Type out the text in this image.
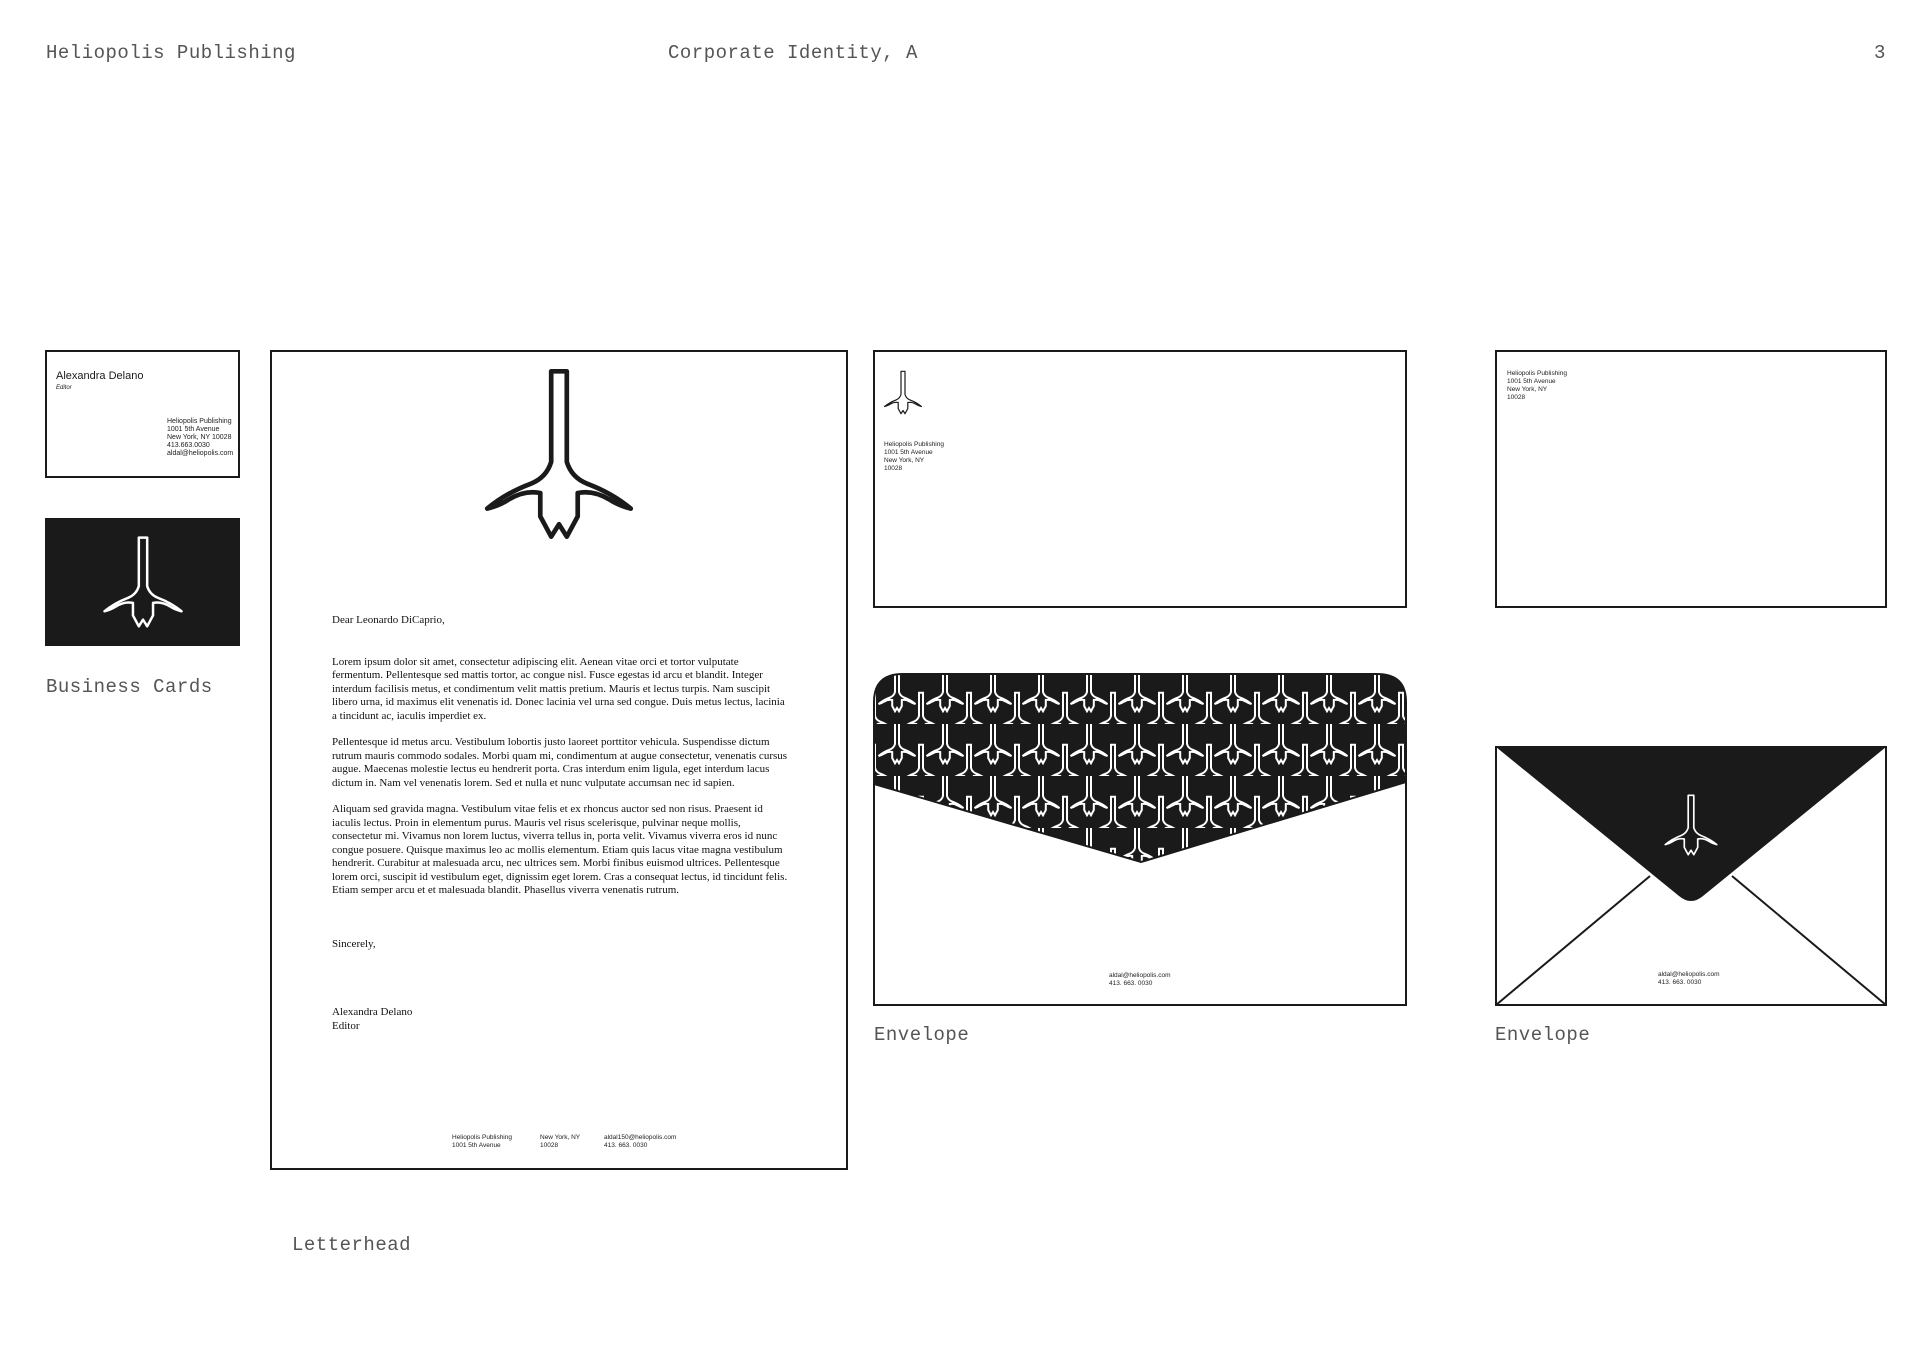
Heliopolis Publishing	Corporate Identity, A	3
Alexandra Delano
Editor
Heliopolis Publishing
1001 5th Avenue
New York, NY 10028
413.663.0030
aldal@heliopolis.com
Business Cards
Dear Leonardo DiCaprio,
Lorem ipsum dolor sit amet, consectetur adipiscing elit. Aenean vitae orci et tortor vulputate fermentum. Pellentesque sed mattis tortor, ac congue nisl. Fusce egestas id arcu et blandit. Integer interdum facilisis metus, et condimentum velit mattis pretium. Mauris et lectus turpis. Nam suscipit libero urna, id maximus elit venenatis id. Donec lacinia vel urna sed congue. Duis metus lectus, lacinia a tincidunt ac, iaculis imperdiet ex.
Pellentesque id metus arcu. Vestibulum lobortis justo laoreet porttitor vehicula. Suspendisse dictum rutrum mauris commodo sodales. Morbi quam mi, condimentum at augue consectetur, venenatis cursus augue. Maecenas molestie lectus eu hendrerit porta. Cras interdum enim ligula, eget interdum lacus dictum in. Nam vel venenatis lorem. Sed et nulla et nunc vulputate accumsan nec id sapien.
Aliquam sed gravida magna. Vestibulum vitae felis et ex rhoncus auctor sed non risus. Praesent id iaculis lectus. Proin in elementum purus. Mauris vel risus scelerisque, pulvinar neque mollis, consectetur mi. Vivamus non lorem luctus, viverra tellus in, porta velit. Vivamus viverra eros id nunc congue posuere. Quisque maximus leo ac mollis elementum. Etiam quis lacus vitae magna vestibulum hendrerit. Curabitur at malesuada arcu, nec ultrices sem. Morbi finibus euismod ultrices. Pellentesque lorem orci, suscipit id vestibulum eget, dignissim eget lorem. Cras a consequat lectus, id tincidunt felis. Etiam semper arcu et et malesuada blandit. Phasellus viverra venenatis rutrum.
Sincerely,
Alexandra Delano
Editor
Heliopolis Publishing
1001 5th Avenue
New York, NY
10028
aldal150@heliopolis.com
413. 663. 0030
Letterhead
Heliopolis Publishing
1001 5th Avenue
New York, NY
10028
aldal@heliopolis.com
413. 663. 0030
Envelope
Heliopolis Publishing
1001 5th Avenue
New York, NY
10028
aldal@heliopolis.com
413. 663. 0030
Envelope
